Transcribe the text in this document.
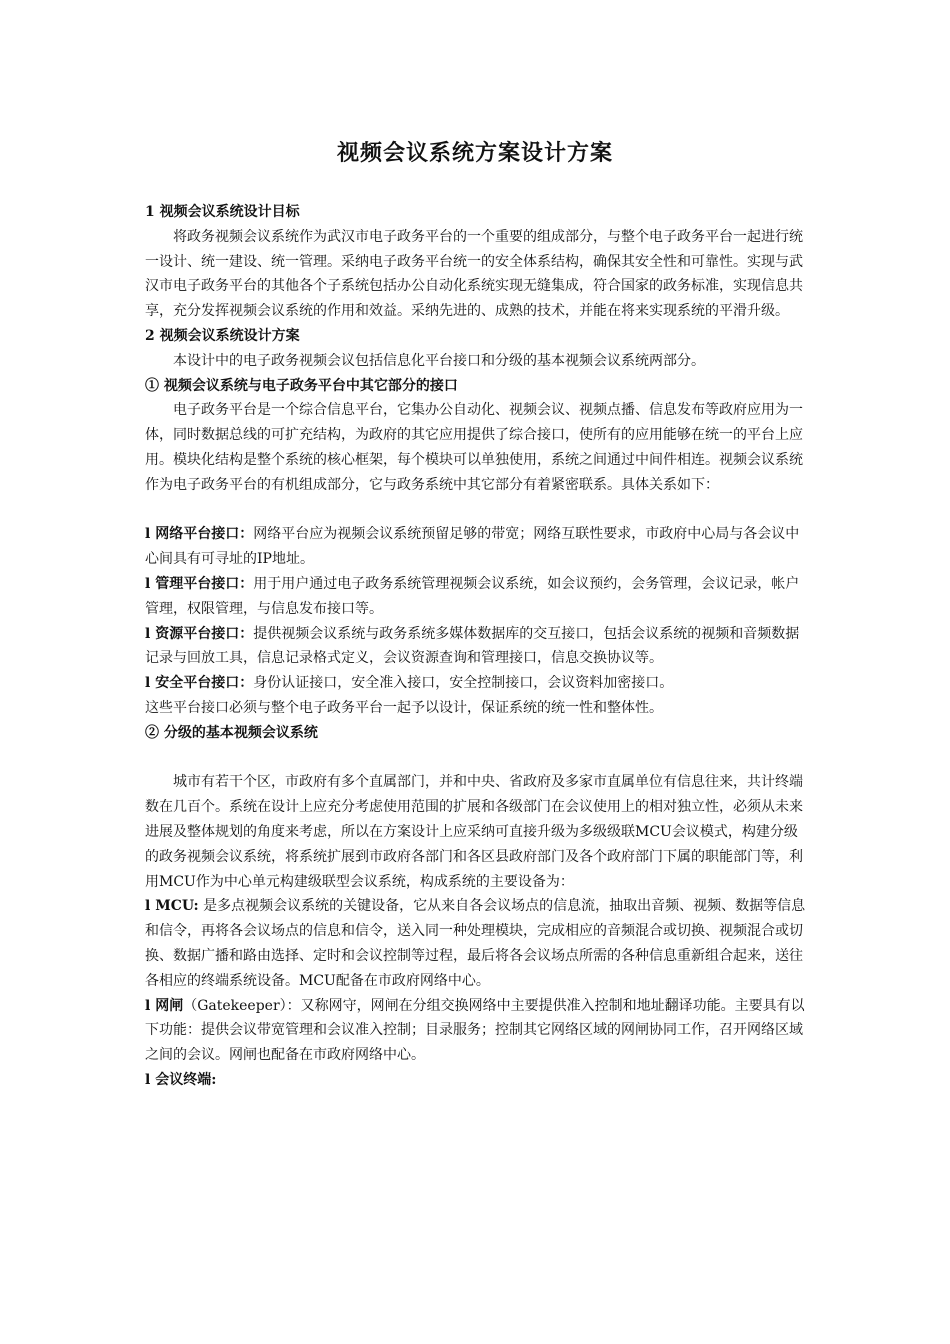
视频会议系统方案设计方案

1 视频会议系统设计目标

将政务视频会议系统作为武汉市电子政务平台的一个重要的组成部分，与整个电子政务平台一起进行统一设计、统一建设、统一管理。采纳电子政务平台统一的安全体系结构，确保其安全性和可靠性。实现与武汉市电子政务平台的其他各个子系统包括办公自动化系统实现无缝集成，符合国家的政务标准，实现信息共享，充分发挥视频会议系统的作用和效益。采纳先进的、成熟的技术，并能在将来实现系统的平滑升级。

2 视频会议系统设计方案

本设计中的电子政务视频会议包括信息化平台接口和分级的基本视频会议系统两部分。

① 视频会议系统与电子政务平台中其它部分的接口

电子政务平台是一个综合信息平台，它集办公自动化、视频会议、视频点播、信息发布等政府应用为一体，同时数据总线的可扩充结构，为政府的其它应用提供了综合接口，使所有的应用能够在统一的平台上应用。模块化结构是整个系统的核心框架，每个模块可以单独使用，系统之间通过中间件相连。视频会议系统作为电子政务平台的有机组成部分，它与政务系统中其它部分有着紧密联系。具体关系如下：

l 网络平台接口：网络平台应为视频会议系统预留足够的带宽；网络互联性要求，市政府中心局与各会议中心间具有可寻址的IP地址。

l 管理平台接口：用于用户通过电子政务系统管理视频会议系统，如会议预约，会务管理，会议记录，帐户管理，权限管理，与信息发布接口等。

l 资源平台接口：提供视频会议系统与政务系统多媒体数据库的交互接口，包括会议系统的视频和音频数据记录与回放工具，信息记录格式定义，会议资源查询和管理接口，信息交换协议等。

l 安全平台接口：身份认证接口，安全准入接口，安全控制接口，会议资料加密接口。

这些平台接口必须与整个电子政务平台一起予以设计，保证系统的统一性和整体性。

② 分级的基本视频会议系统

城市有若干个区，市政府有多个直属部门，并和中央、省政府及多家市直属单位有信息往来，共计终端数在几百个。系统在设计上应充分考虑使用范围的扩展和各级部门在会议使用上的相对独立性，必须从未来进展及整体规划的角度来考虑，所以在方案设计上应采纳可直接升级为多级级联MCU会议模式，构建分级的政务视频会议系统，将系统扩展到市政府各部门和各区县政府部门及各个政府部门下属的职能部门等，利用MCU作为中心单元构建级联型会议系统，构成系统的主要设备为：

l MCU: 是多点视频会议系统的关键设备，它从来自各会议场点的信息流，抽取出音频、视频、数据等信息和信令，再将各会议场点的信息和信令，送入同一种处理模块，完成相应的音频混合或切换、视频混合或切换、数据广播和路由选择、定时和会议控制等过程，最后将各会议场点所需的各种信息重新组合起来，送往各相应的终端系统设备。MCU配备在市政府网络中心。

l 网闸（Gatekeeper）：又称网守，网闸在分组交换网络中主要提供准入控制和地址翻译功能。主要具有以下功能：提供会议带宽管理和会议准入控制；目录服务；控制其它网络区域的网闸协同工作，召开网络区域之间的会议。网闸也配备在市政府网络中心。

l 会议终端:
